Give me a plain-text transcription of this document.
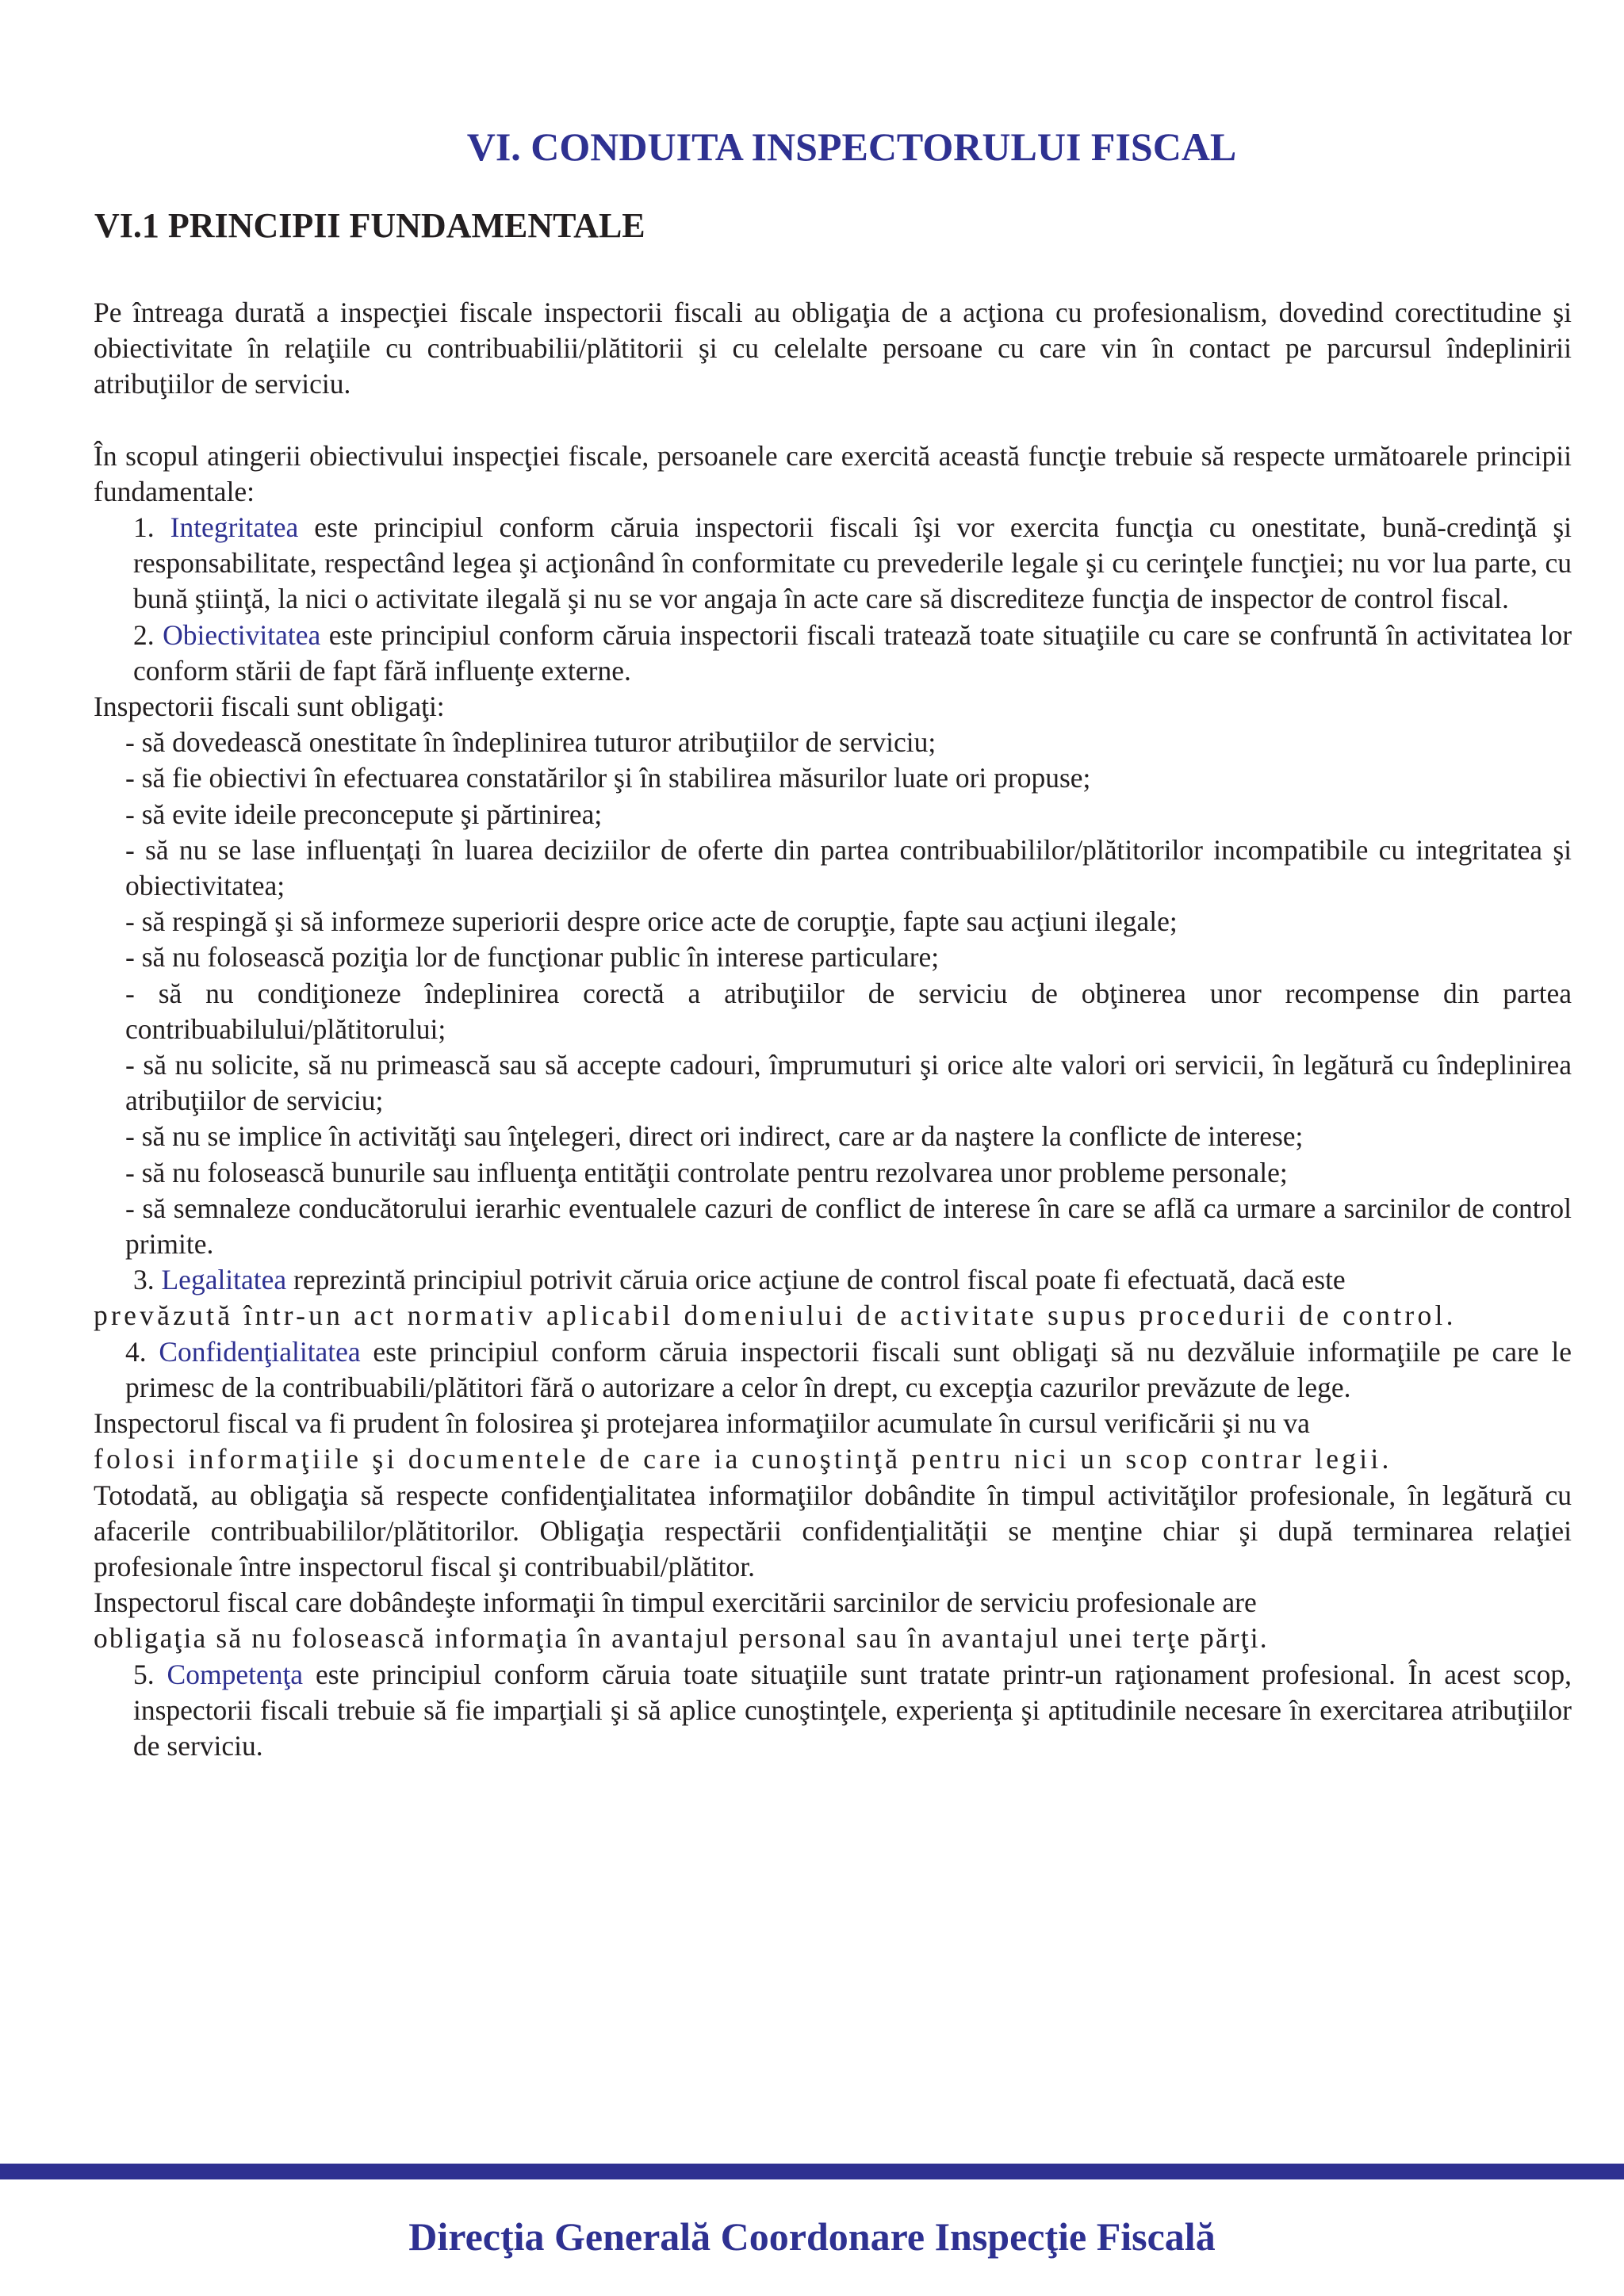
VI. CONDUITA INSPECTORULUI FISCAL
VI.1 PRINCIPII FUNDAMENTALE

Pe întreaga durată a inspecţiei fiscale inspectorii fiscali au obligaţia de a acţiona cu profesionalism, dovedind corectitudine şi obiectivitate în relaţiile cu contribuabilii/plătitorii şi cu celelalte persoane cu care vin în contact pe parcursul îndeplinirii atribuţiilor de serviciu.

În scopul atingerii obiectivului inspecţiei fiscale, persoanele care exercită această funcţie trebuie să respecte următoarele principii fundamentale:

1. Integritatea este principiul conform căruia inspectorii fiscali îşi vor exercita funcţia cu onestitate, bună-credinţă şi responsabilitate, respectând legea şi acţionând în conformitate cu prevederile legale şi cu cerinţele funcţiei; nu vor lua parte, cu bună ştiinţă, la nici o activitate ilegală şi nu se vor angaja în acte care să discrediteze funcţia de inspector de control fiscal.

2. Obiectivitatea este principiul conform căruia inspectorii fiscali tratează toate situaţiile cu care se confruntă în activitatea lor conform stării de fapt fără influenţe externe.

Inspectorii fiscali sunt obligaţi:

- să dovedească onestitate în îndeplinirea tuturor atribuţiilor de serviciu;

- să fie obiectivi în efectuarea constatărilor şi în stabilirea măsurilor luate ori propuse;

- să evite ideile preconcepute şi părtinirea;

- să nu se lase influenţaţi în luarea deciziilor de oferte din partea contribuabililor/plătitorilor incompatibile cu integritatea şi obiectivitatea;

- să respingă şi să informeze superiorii despre orice acte de corupţie, fapte sau acţiuni ilegale;

- să nu folosească poziţia lor de funcţionar public în interese particulare;

- să nu condiţioneze îndeplinirea corectă a atribuţiilor de serviciu de obţinerea unor recompense din partea contribuabilului/plătitorului;

- să nu solicite, să nu primească sau să accepte cadouri, împrumuturi şi orice alte valori ori servicii, în legătură cu îndeplinirea atribuţiilor de serviciu;

- să nu se implice în activităţi sau înţelegeri, direct ori indirect, care ar da naştere la conflicte de interese;

- să nu folosească bunurile sau influenţa entităţii controlate pentru rezolvarea unor probleme personale;

- să semnaleze conducătorului ierarhic eventualele cazuri de conflict de interese în care se află ca urmare a sarcinilor de control primite.

3. Legalitatea reprezintă principiul potrivit căruia orice acţiune de control fiscal poate fi efectuată, dacă este

prevăzută într-un act normativ aplicabil domeniului de activitate supus procedurii de control.

4. Confidenţialitatea este principiul conform căruia inspectorii fiscali sunt obligaţi să nu dezvăluie informaţiile pe care le primesc de la contribuabili/plătitori fără o autorizare a celor în drept, cu excepţia cazurilor prevăzute de lege.

Inspectorul fiscal va fi prudent în folosirea şi protejarea informaţiilor acumulate în cursul verificării şi nu va

folosi informaţiile şi documentele de care ia cunoştinţă pentru nici un scop contrar legii.

Totodată, au obligaţia să respecte confidenţialitatea informaţiilor dobândite în timpul activităţilor profesionale, în legătură cu afacerile contribuabililor/plătitorilor. Obligaţia respectării confidenţialităţii se menţine chiar şi după terminarea relaţiei profesionale între inspectorul fiscal şi contribuabil/plătitor.

Inspectorul fiscal care dobândeşte informaţii în timpul exercitării sarcinilor de serviciu profesionale are

obligaţia să nu folosească informaţia în avantajul personal sau în avantajul unei terţe părţi.

5. Competenţa este principiul conform căruia toate situaţiile sunt tratate printr-un raţionament profesional. În acest scop, inspectorii fiscali trebuie să fie imparţiali şi să aplice cunoştinţele, experienţa şi aptitudinile necesare în exercitarea atribuţiilor de serviciu.

Direcţia Generală Coordonare Inspecţie Fiscală
